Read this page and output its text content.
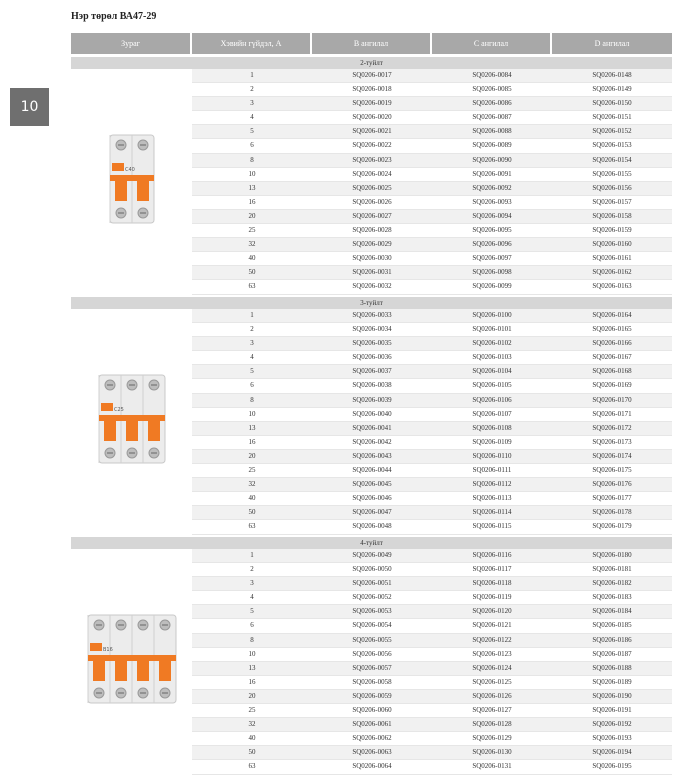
Нэр төрөл ВА47-29
10
Зураг	Хэвийн гүйдэл, А	B ангилал	C ангилал	D ангилал
2-туйлт
C40
1	SQ0206-0017	SQ0206-0084	SQ0206-0148
2	SQ0206-0018	SQ0206-0085	SQ0206-0149
3	SQ0206-0019	SQ0206-0086	SQ0206-0150
4	SQ0206-0020	SQ0206-0087	SQ0206-0151
5	SQ0206-0021	SQ0206-0088	SQ0206-0152
6	SQ0206-0022	SQ0206-0089	SQ0206-0153
8	SQ0206-0023	SQ0206-0090	SQ0206-0154
10	SQ0206-0024	SQ0206-0091	SQ0206-0155
13	SQ0206-0025	SQ0206-0092	SQ0206-0156
16	SQ0206-0026	SQ0206-0093	SQ0206-0157
20	SQ0206-0027	SQ0206-0094	SQ0206-0158
25	SQ0206-0028	SQ0206-0095	SQ0206-0159
32	SQ0206-0029	SQ0206-0096	SQ0206-0160
40	SQ0206-0030	SQ0206-0097	SQ0206-0161
50	SQ0206-0031	SQ0206-0098	SQ0206-0162
63	SQ0206-0032	SQ0206-0099	SQ0206-0163
3-туйлт
C25
1	SQ0206-0033	SQ0206-0100	SQ0206-0164
2	SQ0206-0034	SQ0206-0101	SQ0206-0165
3	SQ0206-0035	SQ0206-0102	SQ0206-0166
4	SQ0206-0036	SQ0206-0103	SQ0206-0167
5	SQ0206-0037	SQ0206-0104	SQ0206-0168
6	SQ0206-0038	SQ0206-0105	SQ0206-0169
8	SQ0206-0039	SQ0206-0106	SQ0206-0170
10	SQ0206-0040	SQ0206-0107	SQ0206-0171
13	SQ0206-0041	SQ0206-0108	SQ0206-0172
16	SQ0206-0042	SQ0206-0109	SQ0206-0173
20	SQ0206-0043	SQ0206-0110	SQ0206-0174
25	SQ0206-0044	SQ0206-0111	SQ0206-0175
32	SQ0206-0045	SQ0206-0112	SQ0206-0176
40	SQ0206-0046	SQ0206-0113	SQ0206-0177
50	SQ0206-0047	SQ0206-0114	SQ0206-0178
63	SQ0206-0048	SQ0206-0115	SQ0206-0179
4-туйлт
B16
1	SQ0206-0049	SQ0206-0116	SQ0206-0180
2	SQ0206-0050	SQ0206-0117	SQ0206-0181
3	SQ0206-0051	SQ0206-0118	SQ0206-0182
4	SQ0206-0052	SQ0206-0119	SQ0206-0183
5	SQ0206-0053	SQ0206-0120	SQ0206-0184
6	SQ0206-0054	SQ0206-0121	SQ0206-0185
8	SQ0206-0055	SQ0206-0122	SQ0206-0186
10	SQ0206-0056	SQ0206-0123	SQ0206-0187
13	SQ0206-0057	SQ0206-0124	SQ0206-0188
16	SQ0206-0058	SQ0206-0125	SQ0206-0189
20	SQ0206-0059	SQ0206-0126	SQ0206-0190
25	SQ0206-0060	SQ0206-0127	SQ0206-0191
32	SQ0206-0061	SQ0206-0128	SQ0206-0192
40	SQ0206-0062	SQ0206-0129	SQ0206-0193
50	SQ0206-0063	SQ0206-0130	SQ0206-0194
63	SQ0206-0064	SQ0206-0131	SQ0206-0195
